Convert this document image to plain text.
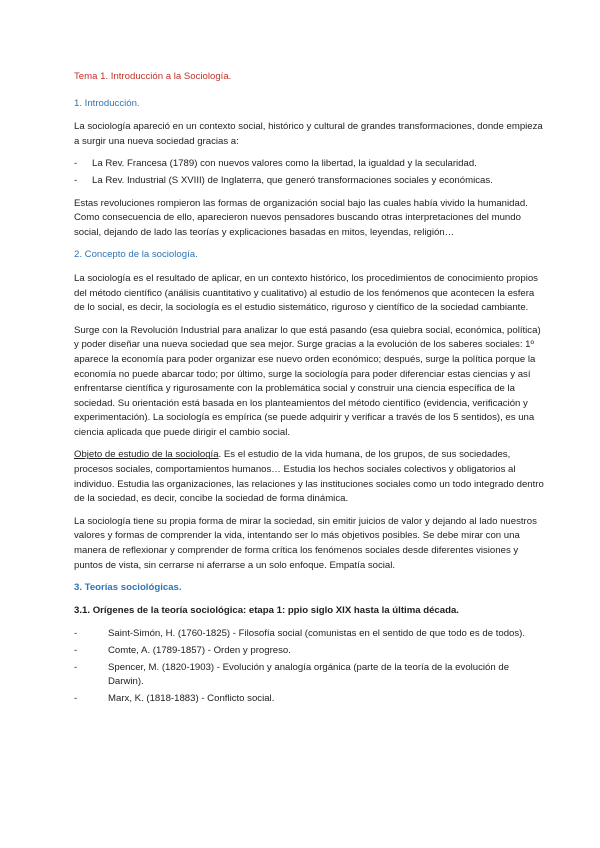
Tema 1. Introducción a la Sociología.
1. Introducción.

La sociología apareció en un contexto social, histórico y cultural de grandes transformaciones, donde empieza a surgir una nueva sociedad gracias a:

- La Rev. Francesa (1789) con nuevos valores como la libertad, la igualdad y la secularidad.
- La Rev. Industrial (S XVIII) de Inglaterra, que generó transformaciones sociales y económicas.

Estas revoluciones rompieron las formas de organización social bajo las cuales había vivido la humanidad. Como consecuencia de ello, aparecieron nuevos pensadores buscando otras interpretaciones del mundo social, dejando de lado las teorías y explicaciones basadas en mitos, leyendas, religión…

2. Concepto de la sociología.

La sociología es el resultado de aplicar, en un contexto histórico, los procedimientos de conocimiento propios del método científico (análisis cuantitativo y cualitativo) al estudio de los fenómenos que acontecen la esfera de lo social, es decir, la sociología es el estudio sistemático, riguroso y científico de la sociedad cambiante.

Surge con la Revolución Industrial para analizar lo que está pasando (esa quiebra social, económica, política) y poder diseñar una nueva sociedad que sea mejor. Surge gracias a la evolución de los saberes sociales: 1º aparece la economía para poder organizar ese nuevo orden económico; después, surge la política porque la economía no puede abarcar todo; por último, surge la sociología para poder diferenciar estas ciencias y así enfrentarse científica y rigurosamente con la problemática social y construir una ciencia específica de la sociedad. Su orientación está basada en los planteamientos del método científico (evidencia, verificación y experimentación). La sociología es empírica (se puede adquirir y verificar a través de los 5 sentidos), es una ciencia aplicada que puede dirigir el cambio social.

Objeto de estudio de la sociología. Es el estudio de la vida humana, de los grupos, de sus sociedades, procesos sociales, comportamientos humanos… Estudia los hechos sociales colectivos y obligatorios al individuo. Estudia las organizaciones, las relaciones y las instituciones sociales como un todo integrado dentro de la sociedad, es decir, concibe la sociedad de forma dinámica.

La sociología tiene su propia forma de mirar la sociedad, sin emitir juicios de valor y dejando al lado nuestros valores y formas de comprender la vida, intentando ser lo más objetivos posibles. Se debe mirar con una manera de reflexionar y comprender de forma crítica los fenómenos sociales desde diferentes visiones y puntos de vista, sin cerrarse ni aferrarse a un solo enfoque. Empatía social.

3. Teorías sociológicas.
3.1. Orígenes de la teoría sociológica: etapa 1: ppio siglo XIX hasta la última década.
-	Saint-Simón, H. (1760-1825) - Filosofía social (comunistas en el sentido de que todo es de todos).
-	Comte, A. (1789-1857) - Orden y progreso.
-	Spencer, M. (1820-1903) - Evolución y analogía orgánica (parte de la teoría de la evolución de Darwin).
-	Marx, K. (1818-1883) - Conflicto social.
